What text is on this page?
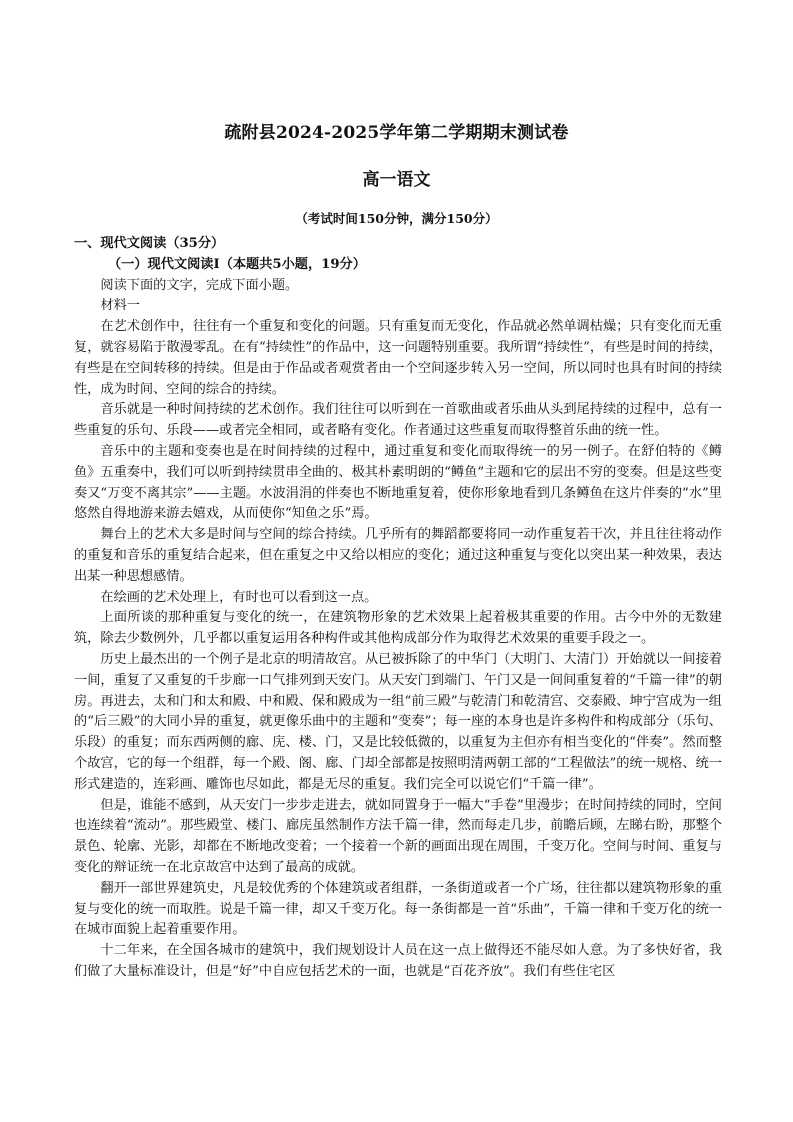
疏附县2024-2025学年第二学期期末测试卷
高一语文
（考试时间150分钟，满分150分）

一、现代文阅读（35分）

（一）现代文阅读Ⅰ（本题共5小题，19分）

阅读下面的文字，完成下面小题。

材料一

在艺术创作中，往往有一个重复和变化的问题。只有重复而无变化，作品就必然单调枯燥；只有变化而无重复，就容易陷于散漫零乱。在有“持续性”的作品中，这一问题特别重要。我所谓“持续性”，有些是时间的持续，有些是在空间转移的持续。但是由于作品或者观赏者由一个空间逐步转入另一空间，所以同时也具有时间的持续性，成为时间、空间的综合的持续。

音乐就是一种时间持续的艺术创作。我们往往可以听到在一首歌曲或者乐曲从头到尾持续的过程中，总有一些重复的乐句、乐段——或者完全相同，或者略有变化。作者通过这些重复而取得整首乐曲的统一性。

音乐中的主题和变奏也是在时间持续的过程中，通过重复和变化而取得统一的另一例子。在舒伯特的《鳟鱼》五重奏中，我们可以听到持续贯串全曲的、极其朴素明朗的“鳟鱼”主题和它的层出不穷的变奏。但是这些变奏又“万变不离其宗”——主题。水波涓涓的伴奏也不断地重复着，使你形象地看到几条鳟鱼在这片伴奏的“水”里悠然自得地游来游去嬉戏，从而使你“知鱼之乐”焉。

舞台上的艺术大多是时间与空间的综合持续。几乎所有的舞蹈都要将同一动作重复若干次，并且往往将动作的重复和音乐的重复结合起来，但在重复之中又给以相应的变化；通过这种重复与变化以突出某一种效果，表达出某一种思想感情。

在绘画的艺术处理上，有时也可以看到这一点。

上面所谈的那种重复与变化的统一，在建筑物形象的艺术效果上起着极其重要的作用。古今中外的无数建筑，除去少数例外，几乎都以重复运用各种构件或其他构成部分作为取得艺术效果的重要手段之一。

历史上最杰出的一个例子是北京的明清故宫。从已被拆除了的中华门（大明门、大清门）开始就以一间接着一间，重复了又重复的千步廊一口气排列到天安门。从天安门到端门、午门又是一间间重复着的“千篇一律”的朝房。再进去，太和门和太和殿、中和殿、保和殿成为一组“前三殿”与乾清门和乾清宫、交泰殿、坤宁宫成为一组的“后三殿”的大同小异的重复，就更像乐曲中的主题和“变奏”；每一座的本身也是许多构件和构成部分（乐句、乐段）的重复；而东西两侧的廊、庑、楼、门，又是比较低微的，以重复为主但亦有相当变化的“伴奏”。然而整个故宫，它的每一个组群，每一个殿、阁、廊、门却全部都是按照明清两朝工部的“工程做法”的统一规格、统一形式建造的，连彩画、雕饰也尽如此，都是无尽的重复。我们完全可以说它们“千篇一律”。

但是，谁能不感到，从天安门一步步走进去，就如同置身于一幅大“手卷”里漫步；在时间持续的同时，空间也连续着“流动”。那些殿堂、楼门、廊庑虽然制作方法千篇一律，然而每走几步，前瞻后顾，左睇右盼，那整个景色、轮廓、光影，却都在不断地改变着；一个接着一个新的画面出现在周围，千变万化。空间与时间、重复与变化的辩证统一在北京故宫中达到了最高的成就。

翻开一部世界建筑史，凡是较优秀的个体建筑或者组群，一条街道或者一个广场，往往都以建筑物形象的重复与变化的统一而取胜。说是千篇一律，却又千变万化。每一条街都是一首“乐曲”，千篇一律和千变万化的统一在城市面貌上起着重要作用。

十二年来，在全国各城市的建筑中，我们规划设计人员在这一点上做得还不能尽如人意。为了多快好省，我们做了大量标准设计，但是“好”中自应包括艺术的一面，也就是“百花齐放”。我们有些住宅区
